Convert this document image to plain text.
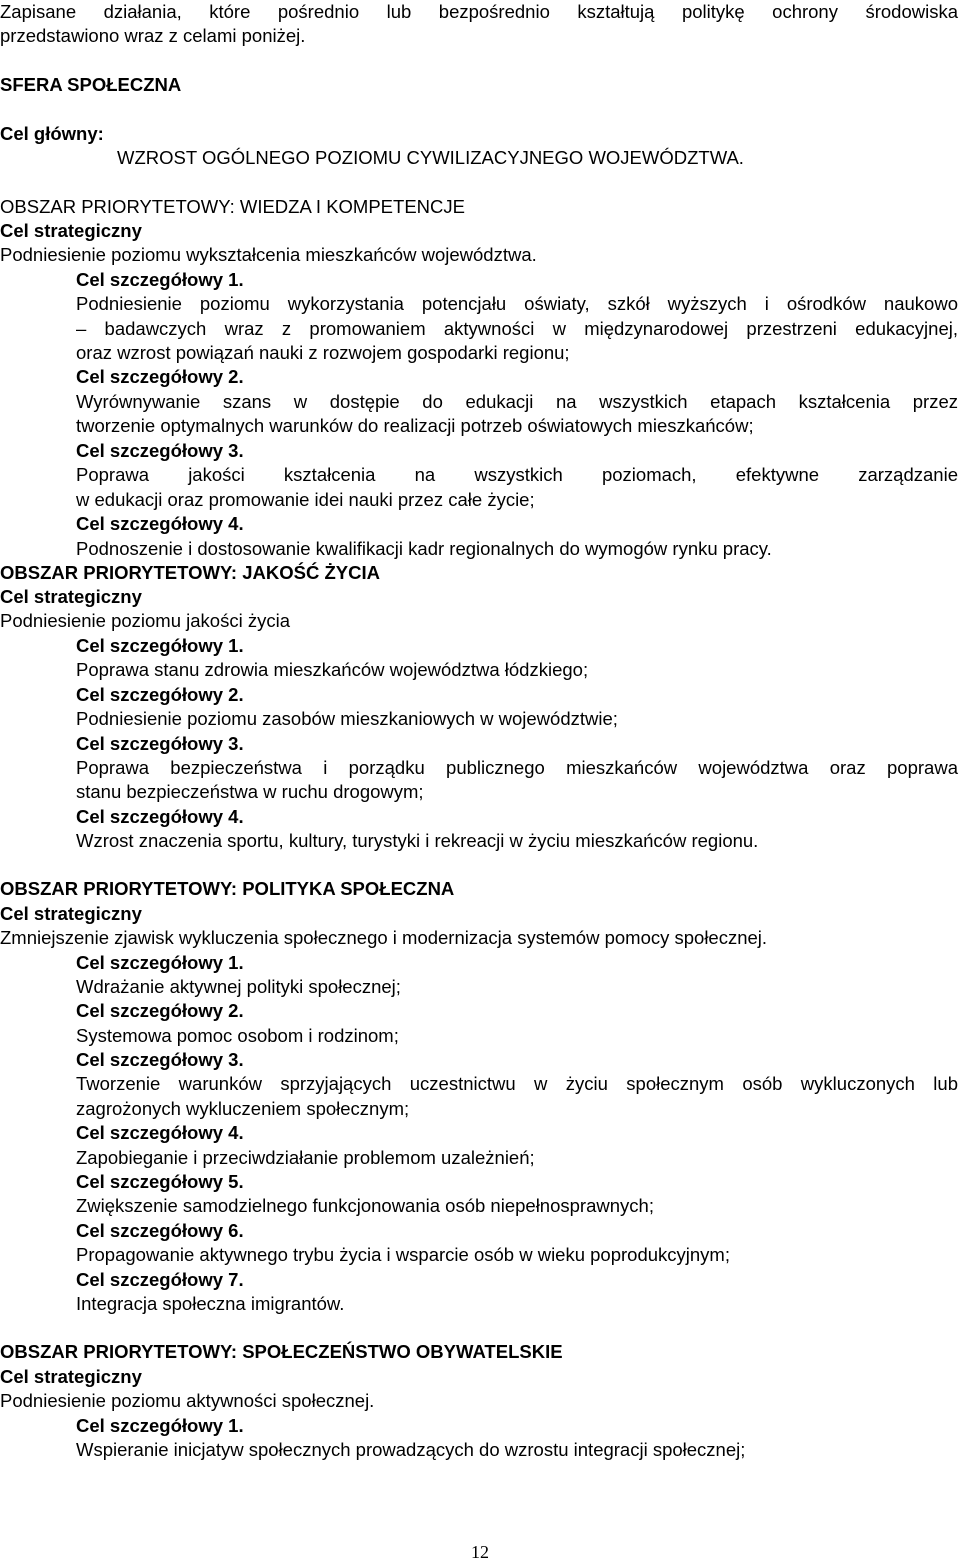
Zapisane działania, które pośrednio lub bezpośrednio kształtują politykę ochrony środowiska
przedstawiono wraz z celami poniżej.
SFERA SPOŁECZNA
Cel główny:
WZROST OGÓLNEGO POZIOMU CYWILIZACYJNEGO WOJEWÓDZTWA.
OBSZAR PRIORYTETOWY: WIEDZA I KOMPETENCJE
Cel strategiczny
Podniesienie poziomu wykształcenia mieszkańców województwa.
Cel szczegółowy 1.
Podniesienie poziomu wykorzystania potencjału oświaty, szkół wyższych i ośrodków naukowo
– badawczych wraz z promowaniem aktywności w międzynarodowej przestrzeni edukacyjnej,
oraz wzrost powiązań nauki z rozwojem gospodarki regionu;
Cel szczegółowy 2.
Wyrównywanie szans w dostępie do edukacji na wszystkich etapach kształcenia przez
tworzenie optymalnych warunków do realizacji potrzeb oświatowych mieszkańców;
Cel szczegółowy 3.
Poprawa jakości kształcenia na wszystkich poziomach, efektywne zarządzanie
w edukacji oraz promowanie idei nauki przez całe życie;
Cel szczegółowy 4.
Podnoszenie i dostosowanie kwalifikacji kadr regionalnych do wymogów rynku pracy.
OBSZAR PRIORYTETOWY: JAKOŚĆ ŻYCIA
Cel strategiczny
Podniesienie poziomu jakości życia
Cel szczegółowy 1.
Poprawa stanu zdrowia mieszkańców województwa łódzkiego;
Cel szczegółowy 2.
Podniesienie poziomu zasobów mieszkaniowych w województwie;
Cel szczegółowy 3.
Poprawa bezpieczeństwa i porządku publicznego mieszkańców województwa oraz poprawa
stanu bezpieczeństwa w ruchu drogowym;
Cel szczegółowy 4.
Wzrost znaczenia sportu, kultury, turystyki i rekreacji w życiu mieszkańców regionu.
OBSZAR PRIORYTETOWY: POLITYKA SPOŁECZNA
Cel strategiczny
Zmniejszenie zjawisk wykluczenia społecznego i modernizacja systemów pomocy społecznej.
Cel szczegółowy 1.
Wdrażanie aktywnej polityki społecznej;
Cel szczegółowy 2.
Systemowa pomoc osobom i rodzinom;
Cel szczegółowy 3.
Tworzenie warunków sprzyjających uczestnictwu w życiu społecznym osób wykluczonych lub
zagrożonych wykluczeniem społecznym;
Cel szczegółowy 4.
Zapobieganie i przeciwdziałanie problemom uzależnień;
Cel szczegółowy 5.
Zwiększenie samodzielnego funkcjonowania osób niepełnosprawnych;
Cel szczegółowy 6.
Propagowanie aktywnego trybu życia i wsparcie osób w wieku poprodukcyjnym;
Cel szczegółowy 7.
Integracja społeczna imigrantów.
OBSZAR PRIORYTETOWY: SPOŁECZEŃSTWO OBYWATELSKIE
Cel strategiczny
Podniesienie poziomu aktywności społecznej.
Cel szczegółowy 1.
Wspieranie inicjatyw społecznych prowadzących do wzrostu integracji społecznej;
12
